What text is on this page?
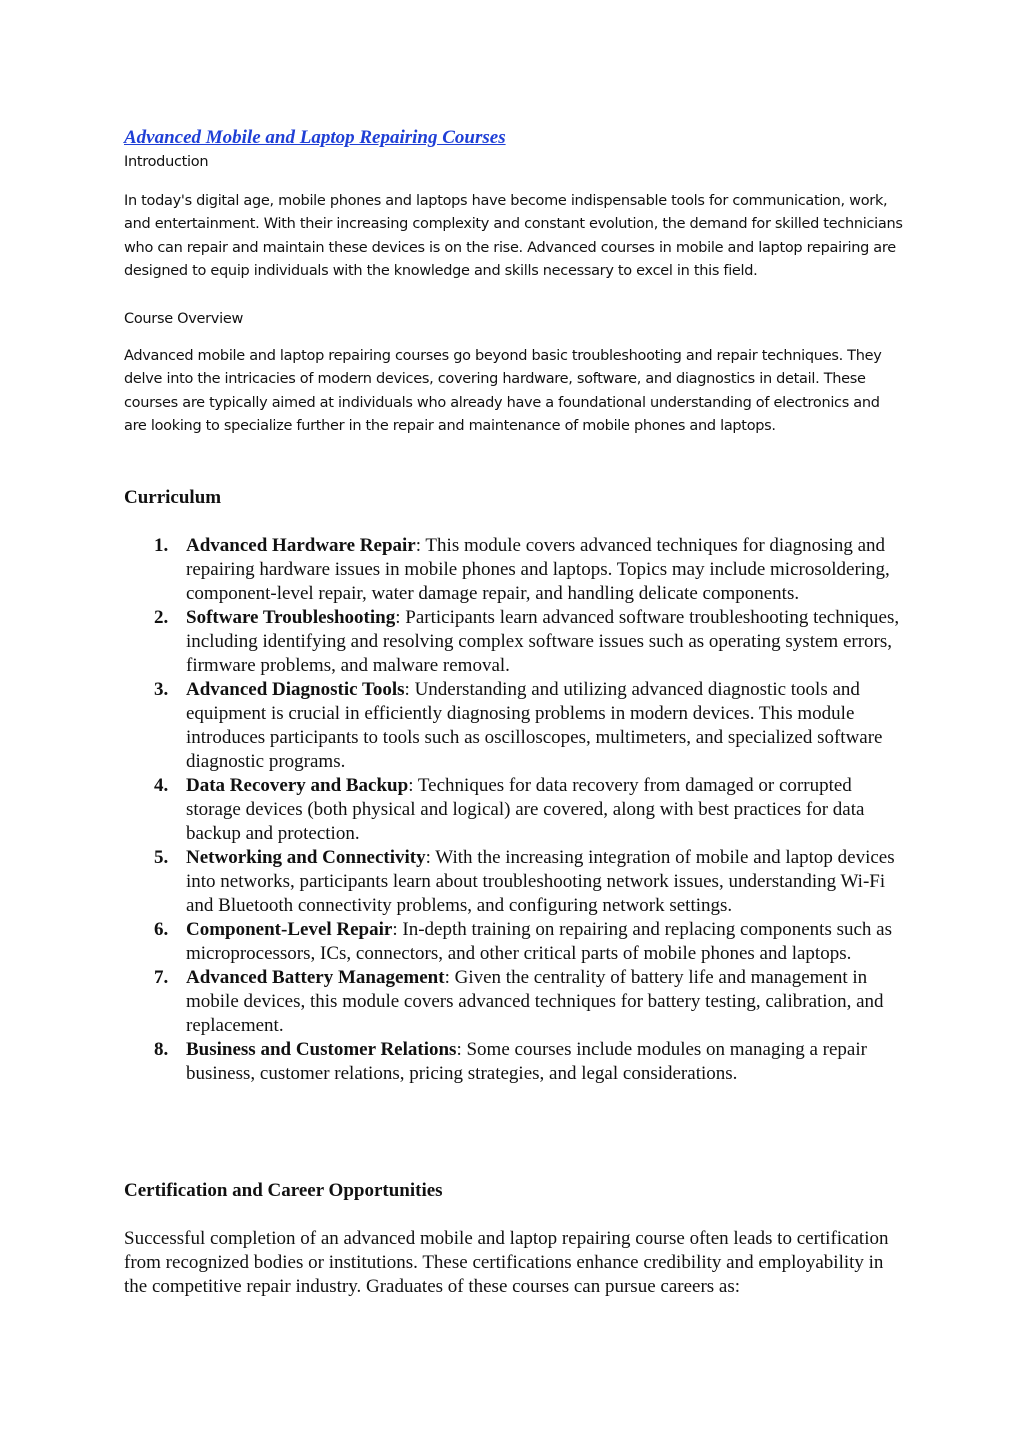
Advanced Mobile and Laptop Repairing Courses
Introduction
In today's digital age, mobile phones and laptops have become indispensable tools for communication, work, and entertainment. With their increasing complexity and constant evolution, the demand for skilled technicians who can repair and maintain these devices is on the rise. Advanced courses in mobile and laptop repairing are designed to equip individuals with the knowledge and skills necessary to excel in this field.
Course Overview
Advanced mobile and laptop repairing courses go beyond basic troubleshooting and repair techniques. They delve into the intricacies of modern devices, covering hardware, software, and diagnostics in detail. These courses are typically aimed at individuals who already have a foundational understanding of electronics and are looking to specialize further in the repair and maintenance of mobile phones and laptops.
Curriculum
1. Advanced Hardware Repair: This module covers advanced techniques for diagnosing and repairing hardware issues in mobile phones and laptops. Topics may include microsoldering, component-level repair, water damage repair, and handling delicate components.
2. Software Troubleshooting: Participants learn advanced software troubleshooting techniques, including identifying and resolving complex software issues such as operating system errors, firmware problems, and malware removal.
3. Advanced Diagnostic Tools: Understanding and utilizing advanced diagnostic tools and equipment is crucial in efficiently diagnosing problems in modern devices. This module introduces participants to tools such as oscilloscopes, multimeters, and specialized software diagnostic programs.
4. Data Recovery and Backup: Techniques for data recovery from damaged or corrupted storage devices (both physical and logical) are covered, along with best practices for data backup and protection.
5. Networking and Connectivity: With the increasing integration of mobile and laptop devices into networks, participants learn about troubleshooting network issues, understanding Wi-Fi and Bluetooth connectivity problems, and configuring network settings.
6. Component-Level Repair: In-depth training on repairing and replacing components such as microprocessors, ICs, connectors, and other critical parts of mobile phones and laptops.
7. Advanced Battery Management: Given the centrality of battery life and management in mobile devices, this module covers advanced techniques for battery testing, calibration, and replacement.
8. Business and Customer Relations: Some courses include modules on managing a repair business, customer relations, pricing strategies, and legal considerations.
Certification and Career Opportunities

Successful completion of an advanced mobile and laptop repairing course often leads to certification from recognized bodies or institutions. These certifications enhance credibility and employability in the competitive repair industry. Graduates of these courses can pursue careers as:
